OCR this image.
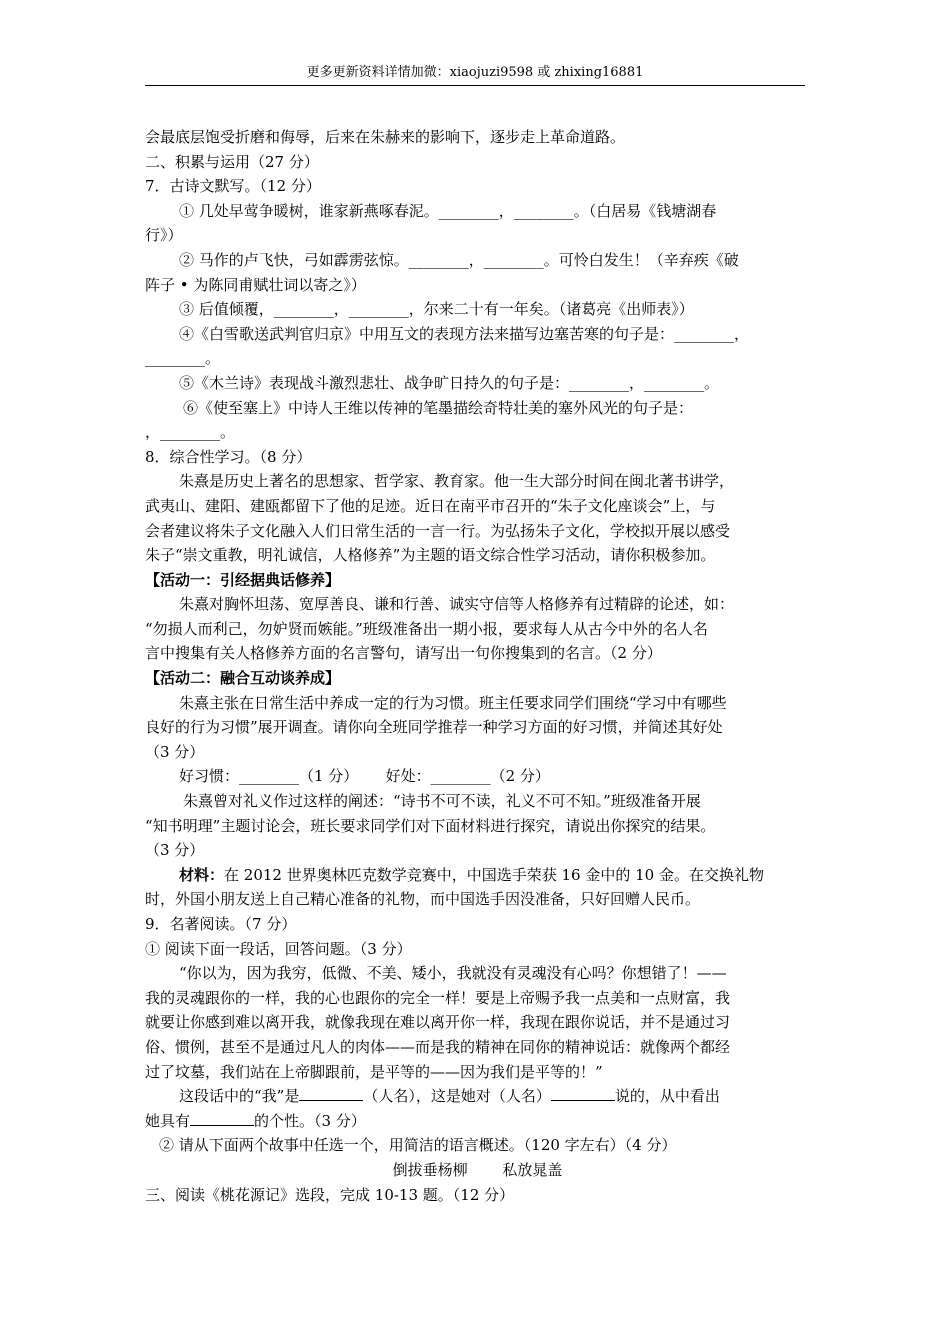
更多更新资料详情加微：xiaojuzi9598 或 zhixing16881
会最底层饱受折磨和侮辱，后来在朱赫来的影响下，逐步走上革命道路。
二、积累与运用（27 分）
7．古诗文默写。（12 分）
① 几处早莺争暖树，谁家新燕啄春泥。________，________。（白居易《钱塘湖春
行》）
② 马作的卢飞快，弓如霹雳弦惊。________，________。可怜白发生！（辛弃疾《破
阵子 • 为陈同甫赋壮词以寄之》）
③ 后值倾覆，________，________，尔来二十有一年矣。（诸葛亮《出师表》）
④《白雪歌送武判官归京》中用互文的表现方法来描写边塞苦寒的句子是：________，
________。
⑤《木兰诗》表现战斗激烈悲壮、战争旷日持久的句子是：________，________。
⑥《使至塞上》中诗人王维以传神的笔墨描绘奇特壮美的塞外风光的句子是：
，________。
8．综合性学习。（8 分）
朱熹是历史上著名的思想家、哲学家、教育家。他一生大部分时间在闽北著书讲学，
武夷山、建阳、建瓯都留下了他的足迹。近日在南平市召开的“朱子文化座谈会”上，与
会者建议将朱子文化融入人们日常生活的一言一行。为弘扬朱子文化，学校拟开展以感受
朱子“崇文重教，明礼诚信，人格修养”为主题的语文综合性学习活动，请你积极参加。
【活动一：引经据典话修养】
朱熹对胸怀坦荡、宽厚善良、谦和行善、诚实守信等人格修养有过精辟的论述，如：
“勿损人而利己，勿妒贤而嫉能。”班级准备出一期小报，要求每人从古今中外的名人名
言中搜集有关人格修养方面的名言警句，请写出一句你搜集到的名言。（2 分）
【活动二：融合互动谈养成】
朱熹主张在日常生活中养成一定的行为习惯。班主任要求同学们围绕“学习中有哪些
良好的行为习惯”展开调查。请你向全班同学推荐一种学习方面的好习惯，并简述其好处
（3 分）
好习惯：________（1 分）　　 好处：________（2 分）
朱熹曾对礼义作过这样的阐述：“诗书不可不读，礼义不可不知。”班级准备开展
“知书明理”主题讨论会，班长要求同学们对下面材料进行探究，请说出你探究的结果。
（3 分）
材料：在 2012 世界奥林匹克数学竞赛中，中国选手荣获 16 金中的 10 金。在交换礼物
时，外国小朋友送上自己精心准备的礼物，而中国选手因没准备，只好回赠人民币。
9．名著阅读。（7 分）
① 阅读下面一段话，回答问题。（3 分）
“你以为，因为我穷，低微、不美、矮小，我就没有灵魂没有心吗？你想错了！——
我的灵魂跟你的一样，我的心也跟你的完全一样！要是上帝赐予我一点美和一点财富，我
就要让你感到难以离开我，就像我现在难以离开你一样，我现在跟你说话，并不是通过习
俗、惯例，甚至不是通过凡人的肉体——而是我的精神在同你的精神说话：就像两个都经
过了坟墓，我们站在上帝脚跟前，是平等的——因为我们是平等的！”
这段话中的“我”是	（人名），这是她对（人名）	说的，从中看出
她具有	的个性。（3 分）
② 请从下面两个故事中任选一个，用简洁的语言概述。（120 字左右）（4 分）
倒拔垂杨柳　　 私放晁盖
三、阅读《桃花源记》选段，完成 10-13 题。（12 分）
